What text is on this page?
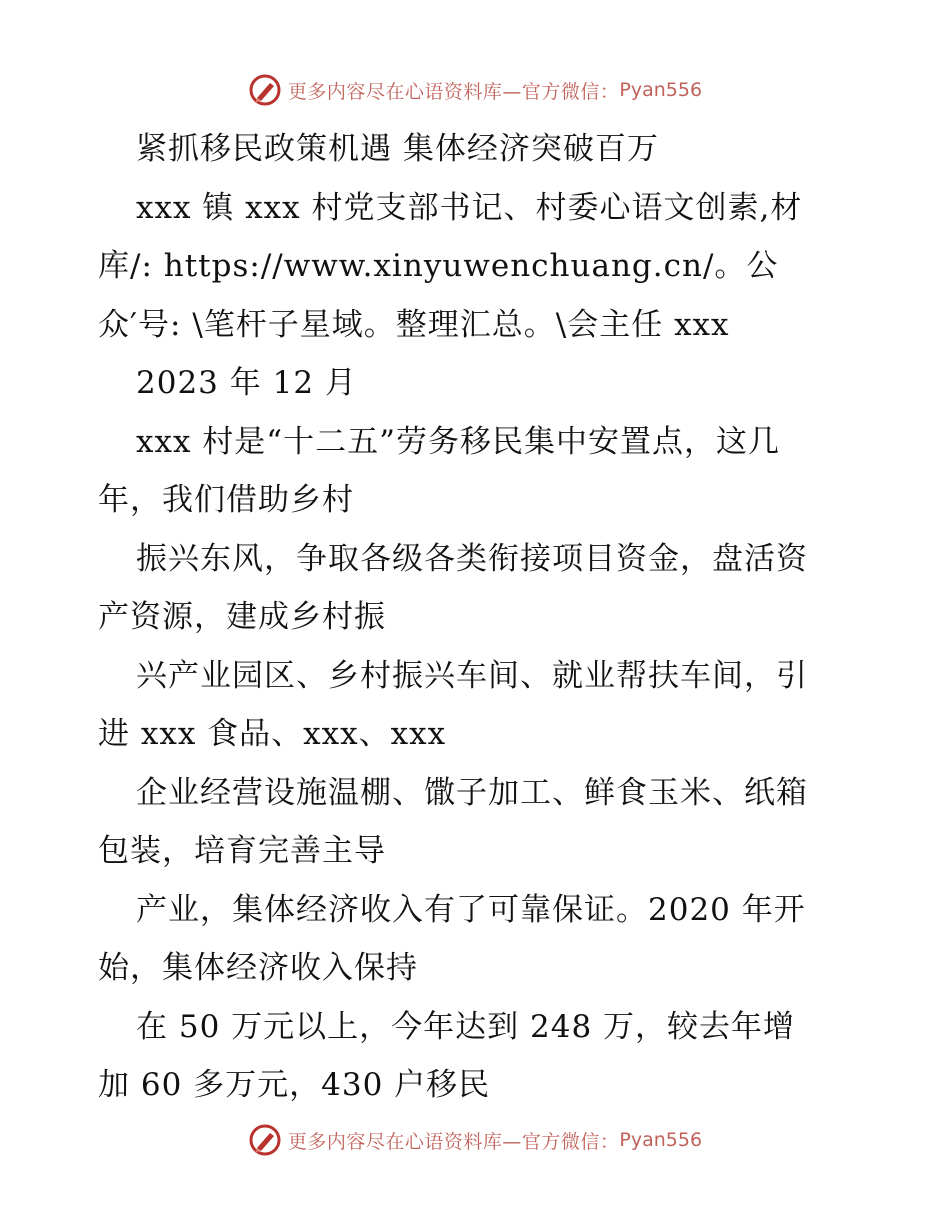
更多内容尽在心语资料库—官方微信： Pyan556
紧抓移民政策机遇 集体经济突破百万
xxx 镇 xxx 村党支部书记、村委心语文创素,材
库/: https://www.xinyuwenchuang.cn/。公
众′号: \笔杆子星域。整理汇总。\会主任 xxx
2023 年 12 月
xxx 村是“十二五”劳务移民集中安置点，这几
年，我们借助乡村
振兴东风，争取各级各类衔接项目资金，盘活资
产资源，建成乡村振
兴产业园区、乡村振兴车间、就业帮扶车间，引
进 xxx 食品、xxx、xxx
企业经营设施温棚、馓子加工、鲜食玉米、纸箱
包装，培育完善主导
产业，集体经济收入有了可靠保证。2020 年开
始，集体经济收入保持
在 50 万元以上，今年达到 248 万，较去年增
加 60 多万元，430 户移民
更多内容尽在心语资料库—官方微信： Pyan556
